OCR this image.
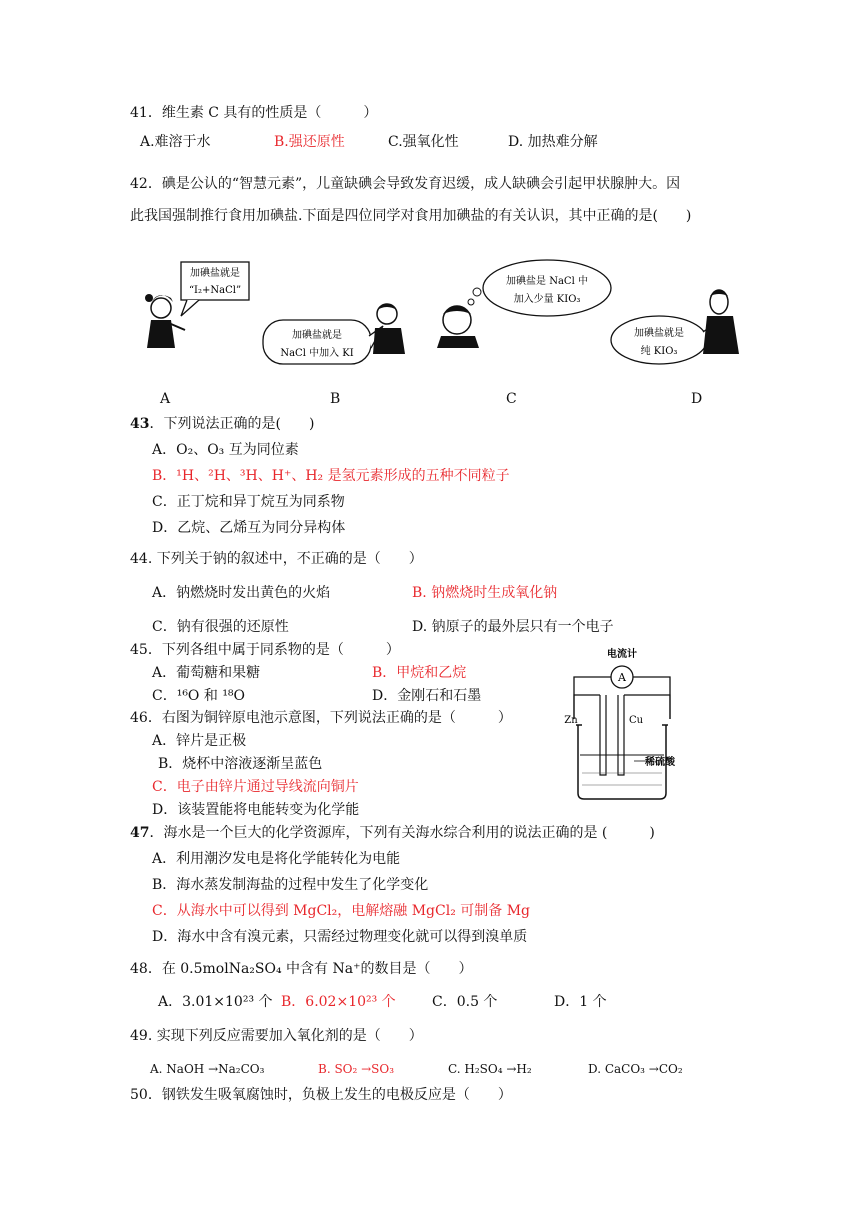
41．维生素 C 具有的性质是（　　　）
A.难溶于水	B.强还原性	C.强氧化性	D. 加热难分解
42．碘是公认的“智慧元素”，儿童缺碘会导致发育迟缓，成人缺碘会引起甲状腺肿大。因
此我国强制推行食用加碘盐.下面是四位同学对食用加碘盐的有关认识，其中正确的是(　　)
加碘盐就是
“I₂+NaCl”
加碘盐就是
NaCl 中加入 KI
加碘盐是 NaCl 中
加入少量 KIO₃
加碘盐就是
纯 KIO₃
A	B	C	D
43．下列说法正确的是(　　)
A．O₂、O₃ 互为同位素
B．¹H、²H、³H、H⁺、H₂ 是氢元素形成的五种不同粒子
C．正丁烷和异丁烷互为同系物
D．乙烷、乙烯互为同分异构体
44. 下列关于钠的叙述中，不正确的是（　　）
A．钠燃烧时发出黄色的火焰	B. 钠燃烧时生成氧化钠
C．钠有很强的还原性	D. 钠原子的最外层只有一个电子
45．下列各组中属于同系物的是（　　　）
A．葡萄糖和果糖	B．甲烷和乙烷
C．¹⁶O 和 ¹⁸O	D．金刚石和石墨
46．右图为铜锌原电池示意图，下列说法正确的是（　　　）
A．锌片是正极
B．烧杯中溶液逐渐呈蓝色
C．电子由锌片通过导线流向铜片
D．该装置能将电能转变为化学能
电流计
A
Zn	Cu
稀硫酸
47．海水是一个巨大的化学资源库，下列有关海水综合利用的说法正确的是 (　　　)
A．利用潮汐发电是将化学能转化为电能
B．海水蒸发制海盐的过程中发生了化学变化
C．从海水中可以得到 MgCl₂，电解熔融 MgCl₂ 可制备 Mg
D．海水中含有溴元素，只需经过物理变化就可以得到溴单质
48．在 0.5molNa₂SO₄ 中含有 Na⁺的数目是（　　）
A．3.01×10²³ 个 B．6.02×10²³ 个	C．0.5 个	D．1 个
49. 实现下列反应需要加入氧化剂的是（　　）
A. NaOH →Na₂CO₃	B. SO₂ →SO₃	C. H₂SO₄ →H₂	D. CaCO₃ →CO₂
50．钢铁发生吸氧腐蚀时，负极上发生的电极反应是（　　）
